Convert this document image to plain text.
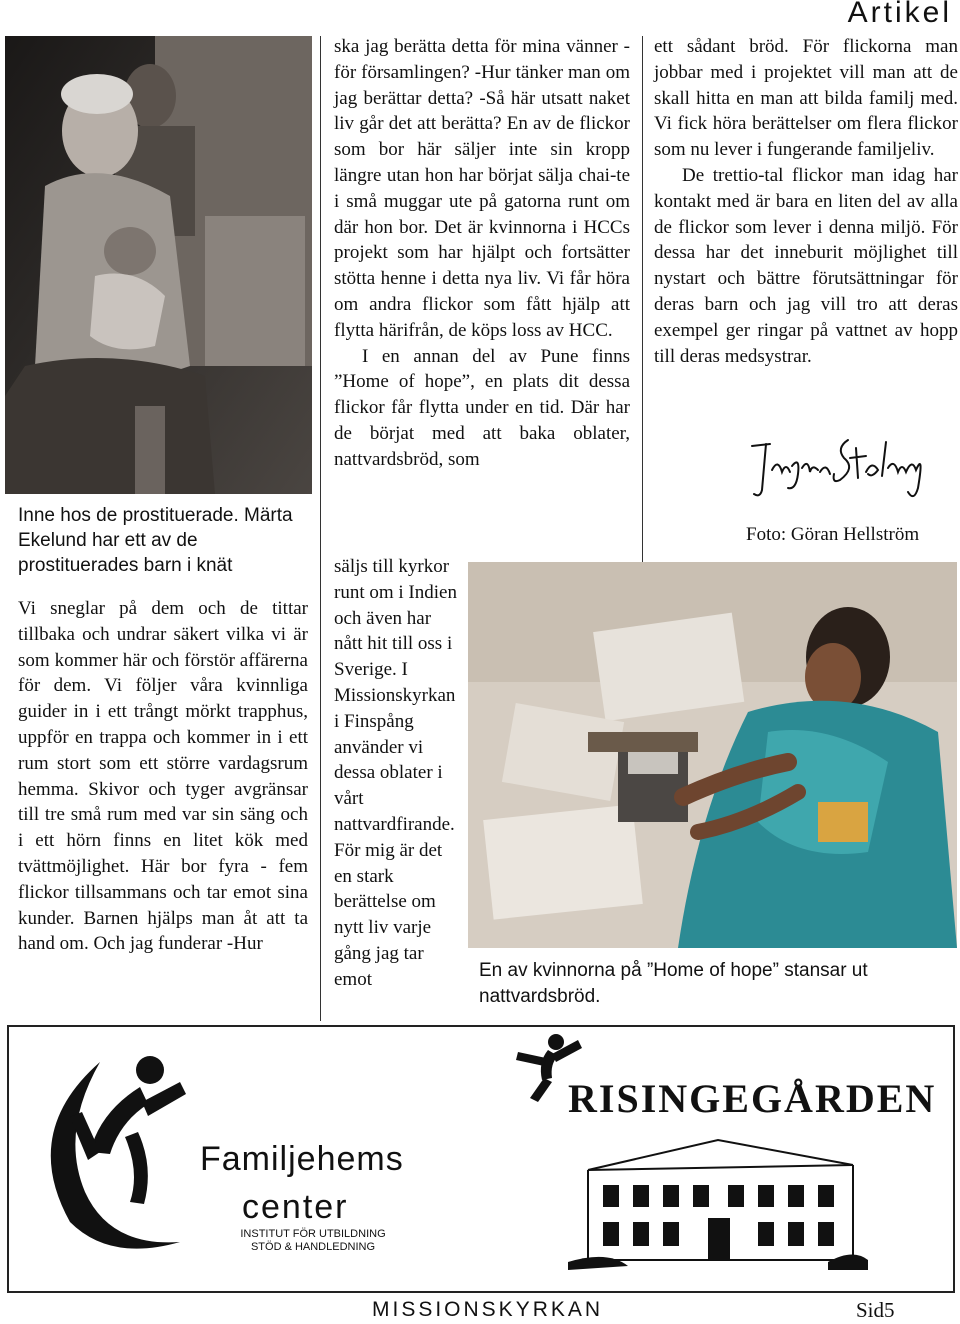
Artikel
Inne hos de prostituerade. Märta Ekelund har ett av de prostituerades barn i knät

Vi sneglar på dem och de tittar tillbaka och undrar säkert vilka vi är som kommer här och förstör affärerna för dem. Vi följer våra kvinnliga guider in i ett trångt mörkt trapphus, uppför en trappa och kommer in i ett rum stort som ett större vardagsrum hemma. Skivor och tyger avgränsar till tre små rum med var sin säng och i ett hörn finns en litet kök med tvättmöjlighet. Här bor fyra - fem flickor tillsammans och tar emot sina kunder. Barnen hjälps man åt att ta hand om. Och jag funderar -Hur

ska jag berätta detta för mina vänner - för församlingen? -Hur tänker man om jag berättar detta? -Så här utsatt naket liv går det att berätta? En av de flickor som bor här säljer inte sin kropp längre utan hon har börjat sälja chai-te i små muggar ute på gatorna runt om där hon bor. Det är kvinnorna i HCCs projekt som har hjälpt och fortsätter stötta henne i detta nya liv. Vi får höra om andra flickor som fått hjälp att flytta härifrån, de köps loss av HCC.

I en annan del av Pune finns ”Home of hope”, en plats dit dessa flickor får flytta under en tid. Där har de börjat med att baka oblater, nattvardsbröd, som

säljs till kyrkor runt om i Indien och även har nått hit till oss i Sverige. I Missionskyrkan i Finspång använder vi dessa oblater i vårt nattvardfirande. För mig är det en stark berättelse om nytt liv varje gång jag tar emot

ett sådant bröd. För flickorna man jobbar med i projektet vill man att de skall hitta en man att bilda familj med. Vi fick höra berättelser om flera flickor som nu lever i fungerande familjeliv.

De trettio-tal flickor man idag har kontakt med är bara en liten del av alla de flickor som lever i denna miljö. För dessa har det inneburit möjlighet till nystart och bättre förutsättningar för deras barn och jag vill tro att deras exempel ger ringar på vattnet av hopp till deras medsystrar.

Foto: Göran Hellström
En av kvinnorna på ”Home of hope” stansar ut nattvardsbröd.
Familjehems
center
INSTITUT FÖR UTBILDNING
STÖD & HANDLEDNING
RISINGEGÅRDEN
MISSIONSKYRKAN	Sid5
